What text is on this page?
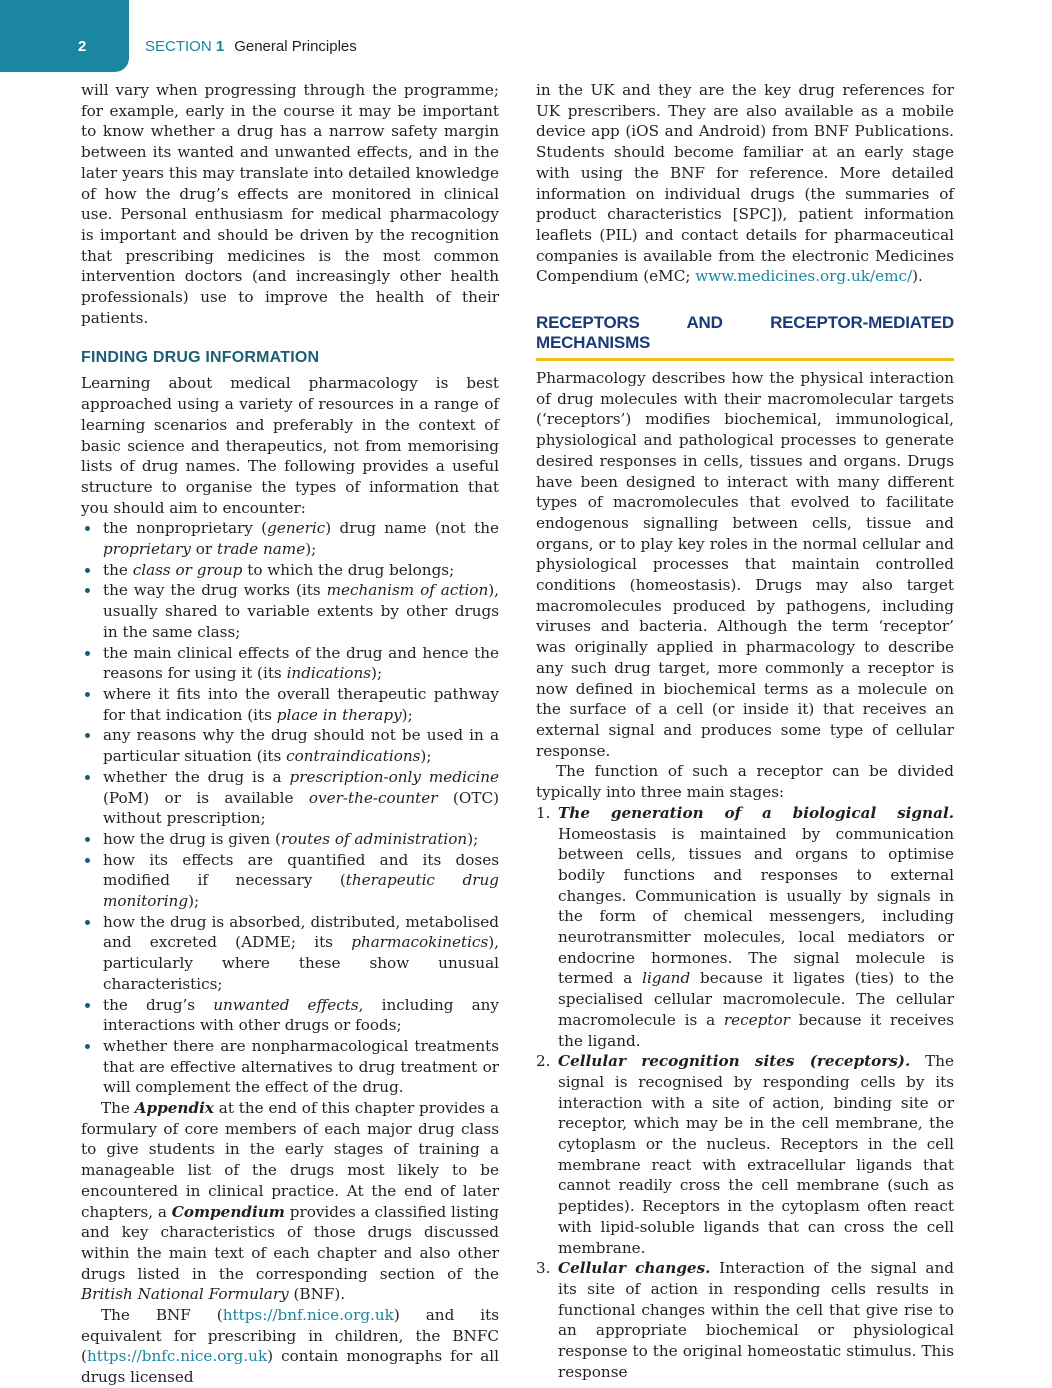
2	SECTION 1 General Principles

will vary when progressing through the programme; for example, early in the course it may be important to know whether a drug has a narrow safety margin between its wanted and unwanted effects, and in the later years this may translate into detailed knowledge of how the drug’s effects are monitored in clinical use. Personal enthusiasm for medical pharmacology is important and should be driven by the recognition that prescribing medicines is the most common intervention doctors (and increasingly other health professionals) use to improve the health of their patients.

FINDING DRUG INFORMATION

Learning about medical pharmacology is best approached using a variety of resources in a range of learning scenarios and preferably in the context of basic science and therapeutics, not from memorising lists of drug names. The following provides a useful structure to organise the types of information that you should aim to encounter:

the nonproprietary (generic) drug name (not the proprietary or trade name);
the class or group to which the drug belongs;
the way the drug works (its mechanism of action), usually shared to variable extents by other drugs in the same class;
the main clinical effects of the drug and hence the reasons for using it (its indications);
where it fits into the overall therapeutic pathway for that indication (its place in therapy);
any reasons why the drug should not be used in a particular situation (its contraindications);
whether the drug is a prescription-only medicine (PoM) or is available over-the-counter (OTC) without prescription;
how the drug is given (routes of administration);
how its effects are quantified and its doses modified if necessary (therapeutic drug monitoring);
how the drug is absorbed, distributed, metabolised and excreted (ADME; its pharmacokinetics), particularly where these show unusual characteristics;
the drug’s unwanted effects, including any interactions with other drugs or foods;
whether there are nonpharmacological treatments that are effective alternatives to drug treatment or will complement the effect of the drug.

The Appendix at the end of this chapter provides a formulary of core members of each major drug class to give students in the early stages of training a manageable list of the drugs most likely to be encountered in clinical practice. At the end of later chapters, a Compendium provides a classified listing and key characteristics of those drugs discussed within the main text of each chapter and also other drugs listed in the corresponding section of the British National Formulary (BNF).

The BNF (https://bnf.nice.org.uk) and its equivalent for prescribing in children, the BNFC (https://bnfc.nice.org.uk) contain monographs for all drugs licensed

in the UK and they are the key drug references for UK prescribers. They are also available as a mobile device app (iOS and Android) from BNF Publications. Students should become familiar at an early stage with using the BNF for reference. More detailed information on individual drugs (the summaries of product characteristics [SPC]), patient information leaflets (PIL) and contact details for pharmaceutical companies is available from the electronic Medicines Compendium (eMC; www.medicines.org.uk/emc/).

RECEPTORS AND RECEPTOR-MEDIATED MECHANISMS

Pharmacology describes how the physical interaction of drug molecules with their macromolecular targets (‘receptors’) modifies biochemical, immunological, physiological and pathological processes to generate desired responses in cells, tissues and organs. Drugs have been designed to interact with many different types of macromolecules that evolved to facilitate endogenous signalling between cells, tissue and organs, or to play key roles in the normal cellular and physiological processes that maintain controlled conditions (homeostasis). Drugs may also target macromolecules produced by pathogens, including viruses and bacteria. Although the term ‘receptor’ was originally applied in pharmacology to describe any such drug target, more commonly a receptor is now defined in biochemical terms as a molecule on the surface of a cell (or inside it) that receives an external signal and produces some type of cellular response.

The function of such a receptor can be divided typically into three main stages:

1. The generation of a biological signal. Homeostasis is maintained by communication between cells, tissues and organs to optimise bodily functions and responses to external changes. Communication is usually by signals in the form of chemical messengers, including neurotransmitter molecules, local mediators or endocrine hormones. The signal molecule is termed a ligand because it ligates (ties) to the specialised cellular macromolecule. The cellular macromolecule is a receptor because it receives the ligand.
2. Cellular recognition sites (receptors). The signal is recognised by responding cells by its interaction with a site of action, binding site or receptor, which may be in the cell membrane, the cytoplasm or the nucleus. Receptors in the cell membrane react with extracellular ligands that cannot readily cross the cell membrane (such as peptides). Receptors in the cytoplasm often react with lipid-soluble ligands that can cross the cell membrane.
3. Cellular changes. Interaction of the signal and its site of action in responding cells results in functional changes within the cell that give rise to an appropriate biochemical or physiological response to the original homeostatic stimulus. This response
